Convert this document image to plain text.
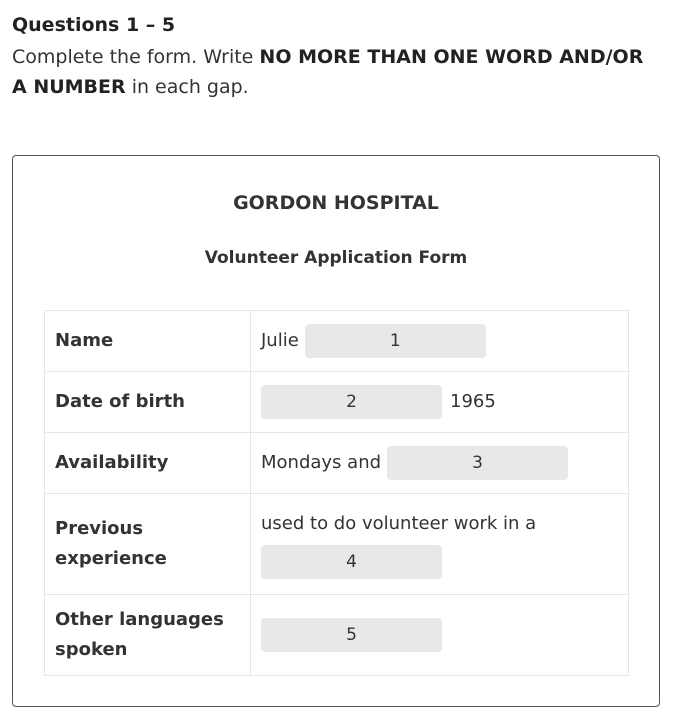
Questions 1 – 5
Complete the form. Write NO MORE THAN ONE WORD AND/OR A NUMBER in each gap.
GORDON HOSPITAL
Volunteer Application Form
Name	Julie 1
Date of birth	2 1965
Availability	Mondays and 3
Previous experience	used to do volunteer work in a
4
Other languages spoken	5
